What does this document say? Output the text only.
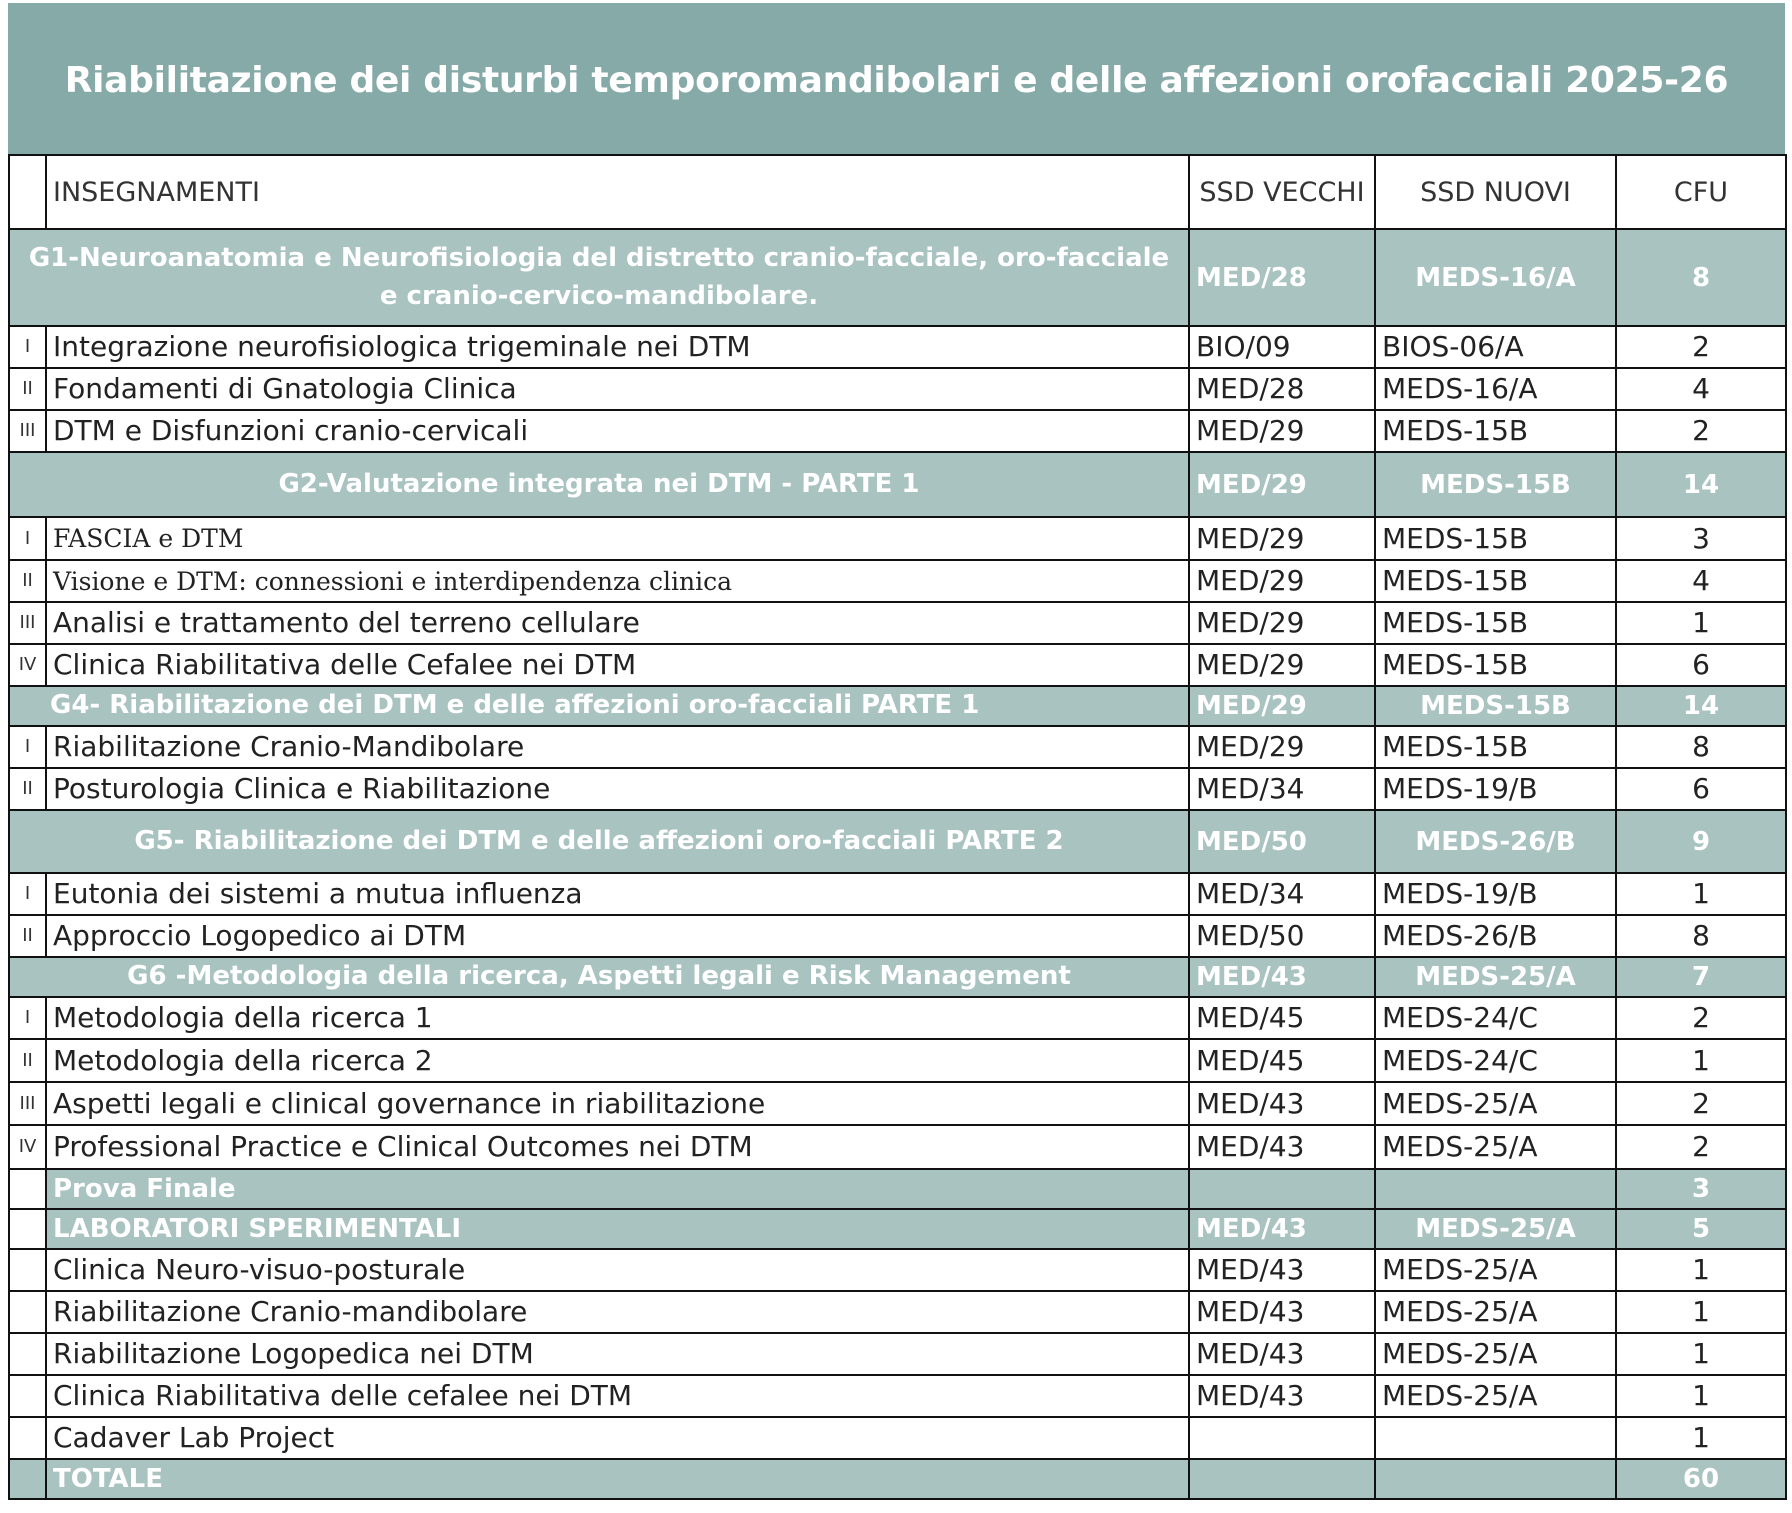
Riabilitazione dei disturbi temporomandibolari e delle affezioni orofacciali 2025-26
	INSEGNAMENTI	SSD VECCHI	SSD NUOVI	CFU
G1-Neuroanatomia e Neurofisiologia del distretto cranio-facciale, oro-facciale e cranio-cervico-mandibolare.		MED/28	MEDS-16/A	8
I	Integrazione neurofisiologica trigeminale nei DTM	BIO/09	BIOS-06/A	2
II	Fondamenti di Gnatologia Clinica	MED/28	MEDS-16/A	4
III	DTM e Disfunzioni cranio-cervicali	MED/29	MEDS-15B	2
G2-Valutazione integrata nei DTM - PARTE 1		MED/29	MEDS-15B	14
I	FASCIA e DTM	MED/29	MEDS-15B	3
II	Visione e DTM: connessioni e interdipendenza clinica	MED/29	MEDS-15B	4
III	Analisi e trattamento del terreno cellulare	MED/29	MEDS-15B	1
IV	Clinica Riabilitativa delle Cefalee nei DTM	MED/29	MEDS-15B	6
G4- Riabilitazione dei DTM e delle affezioni oro-facciali PARTE 1		MED/29	MEDS-15B	14
I	Riabilitazione Cranio-Mandibolare	MED/29	MEDS-15B	8
II	Posturologia Clinica e Riabilitazione	MED/34	MEDS-19/B	6
G5- Riabilitazione dei DTM e delle affezioni oro-facciali PARTE 2		MED/50	MEDS-26/B	9
I	Eutonia dei sistemi a mutua influenza	MED/34	MEDS-19/B	1
II	Approccio Logopedico ai DTM	MED/50	MEDS-26/B	8
G6 -Metodologia della ricerca, Aspetti legali e Risk Management		MED/43	MEDS-25/A	7
I	Metodologia della ricerca 1	MED/45	MEDS-24/C	2
II	Metodologia della ricerca 2	MED/45	MEDS-24/C	1
III	Aspetti legali e clinical governance in riabilitazione	MED/43	MEDS-25/A	2
IV	Professional Practice e Clinical Outcomes nei DTM	MED/43	MEDS-25/A	2
	Prova Finale			3
	LABORATORI SPERIMENTALI	MED/43	MEDS-25/A	5
	Clinica Neuro-visuo-posturale	MED/43	MEDS-25/A	1
	Riabilitazione Cranio-mandibolare	MED/43	MEDS-25/A	1
	Riabilitazione Logopedica nei DTM	MED/43	MEDS-25/A	1
	Clinica Riabilitativa delle cefalee nei DTM	MED/43	MEDS-25/A	1
	Cadaver Lab Project			1
	TOTALE			60
